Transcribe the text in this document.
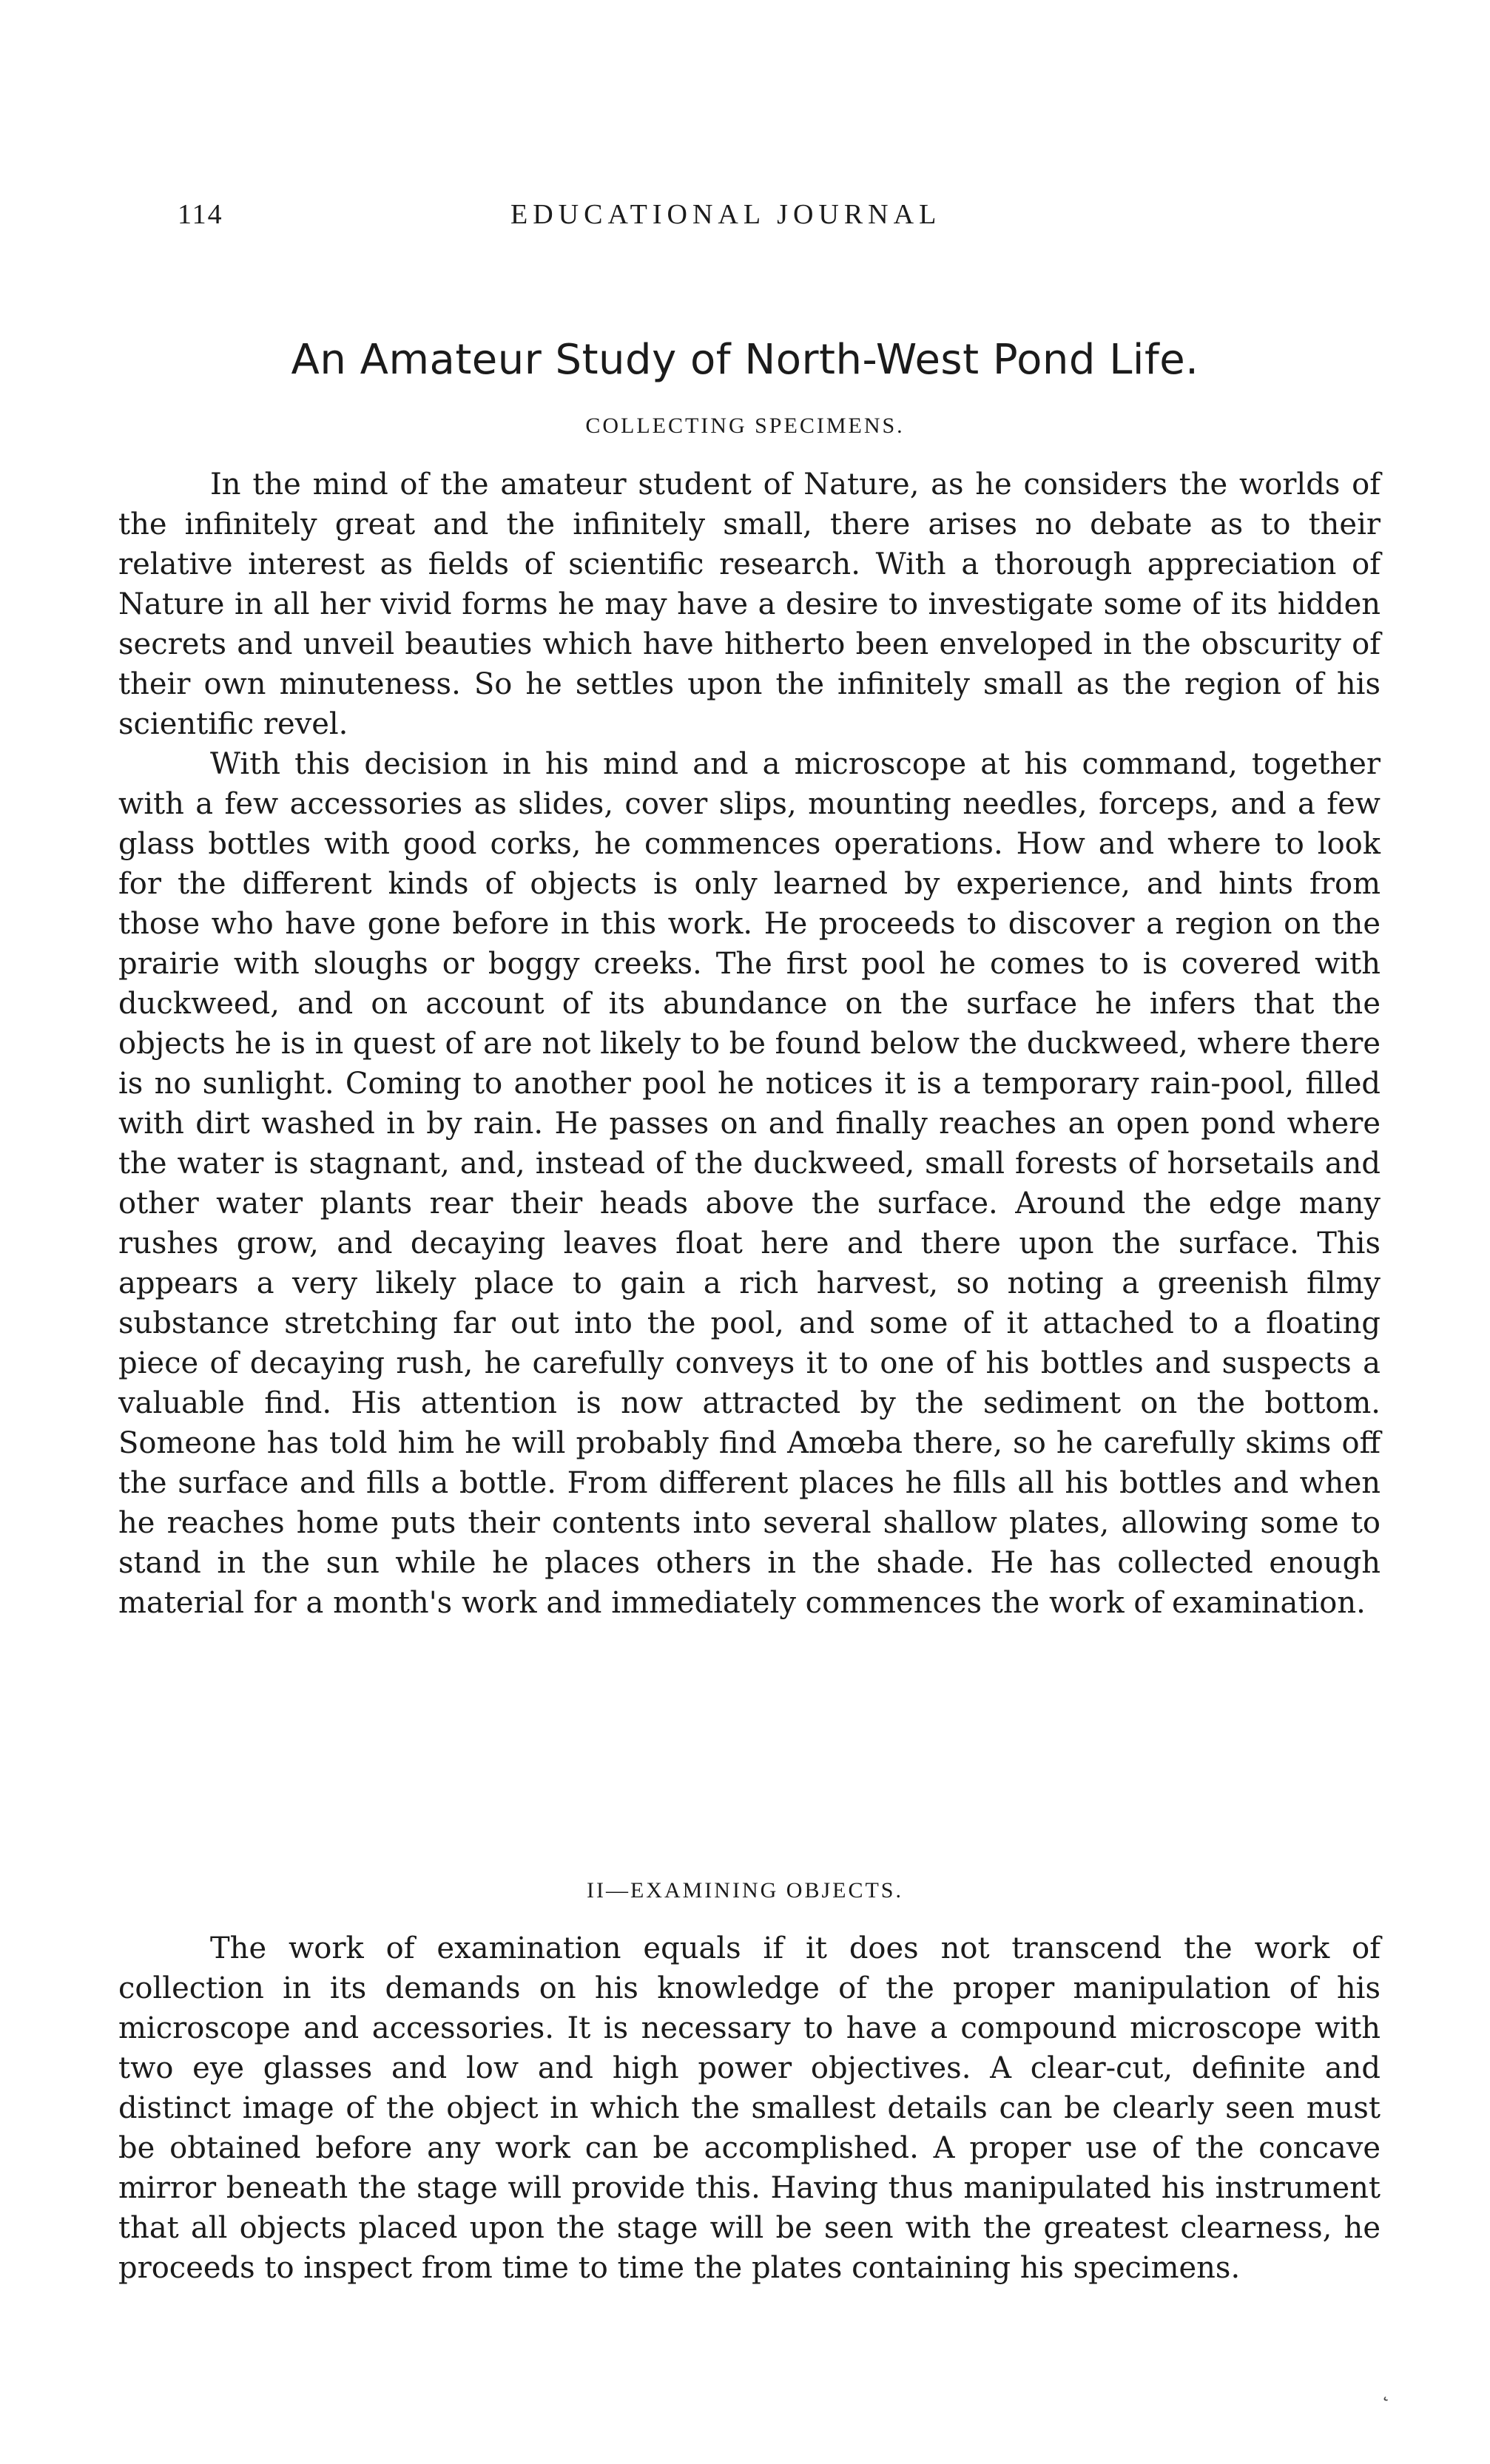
114	EDUCATIONAL JOURNAL
An Amateur Study of North-West Pond Life.
COLLECTING SPECIMENS.

In the mind of the amateur student of Nature, as he considers the worlds of the infinitely great and the infinitely small, there arises no debate as to their relative interest as fields of scientific research. With a thorough appreciation of Nature in all her vivid forms he may have a desire to investigate some of its hidden secrets and unveil beauties which have hitherto been enveloped in the obscurity of their own minuteness. So he settles upon the infinitely small as the region of his scientific revel.

With this decision in his mind and a microscope at his command, together with a few accessories as slides, cover slips, mounting needles, forceps, and a few glass bottles with good corks, he commences operations. How and where to look for the different kinds of objects is only learned by experience, and hints from those who have gone before in this work. He proceeds to discover a region on the prairie with sloughs or boggy creeks. The first pool he comes to is covered with duckweed, and on account of its abundance on the surface he infers that the objects he is in quest of are not likely to be found below the duckweed, where there is no sunlight. Coming to another pool he notices it is a temporary rain-pool, filled with dirt washed in by rain. He passes on and finally reaches an open pond where the water is stagnant, and, instead of the duckweed, small forests of horsetails and other water plants rear their heads above the surface. Around the edge many rushes grow, and decaying leaves float here and there upon the surface. This appears a very likely place to gain a rich harvest, so noting a greenish filmy substance stretching far out into the pool, and some of it attached to a floating piece of decaying rush, he carefully conveys it to one of his bottles and suspects a valuable find. His attention is now attracted by the sediment on the bottom. Someone has told him he will probably find Amœba there, so he carefully skims off the surface and fills a bottle. From different places he fills all his bottles and when he reaches home puts their contents into several shallow plates, allowing some to stand in the sun while he places others in the shade. He has collected enough material for a month's work and immediately commences the work of examination.

II—EXAMINING OBJECTS.

The work of examination equals if it does not transcend the work of collection in its demands on his knowledge of the proper manipulation of his microscope and accessories. It is necessary to have a compound microscope with two eye glasses and low and high power objectives. A clear-cut, definite and distinct image of the object in which the smallest details can be clearly seen must be obtained before any work can be accomplished. A proper use of the concave mirror beneath the stage will provide this. Having thus manipulated his instrument that all objects placed upon the stage will be seen with the greatest clearness, he proceeds to inspect from time to time the plates containing his specimens.

˛
